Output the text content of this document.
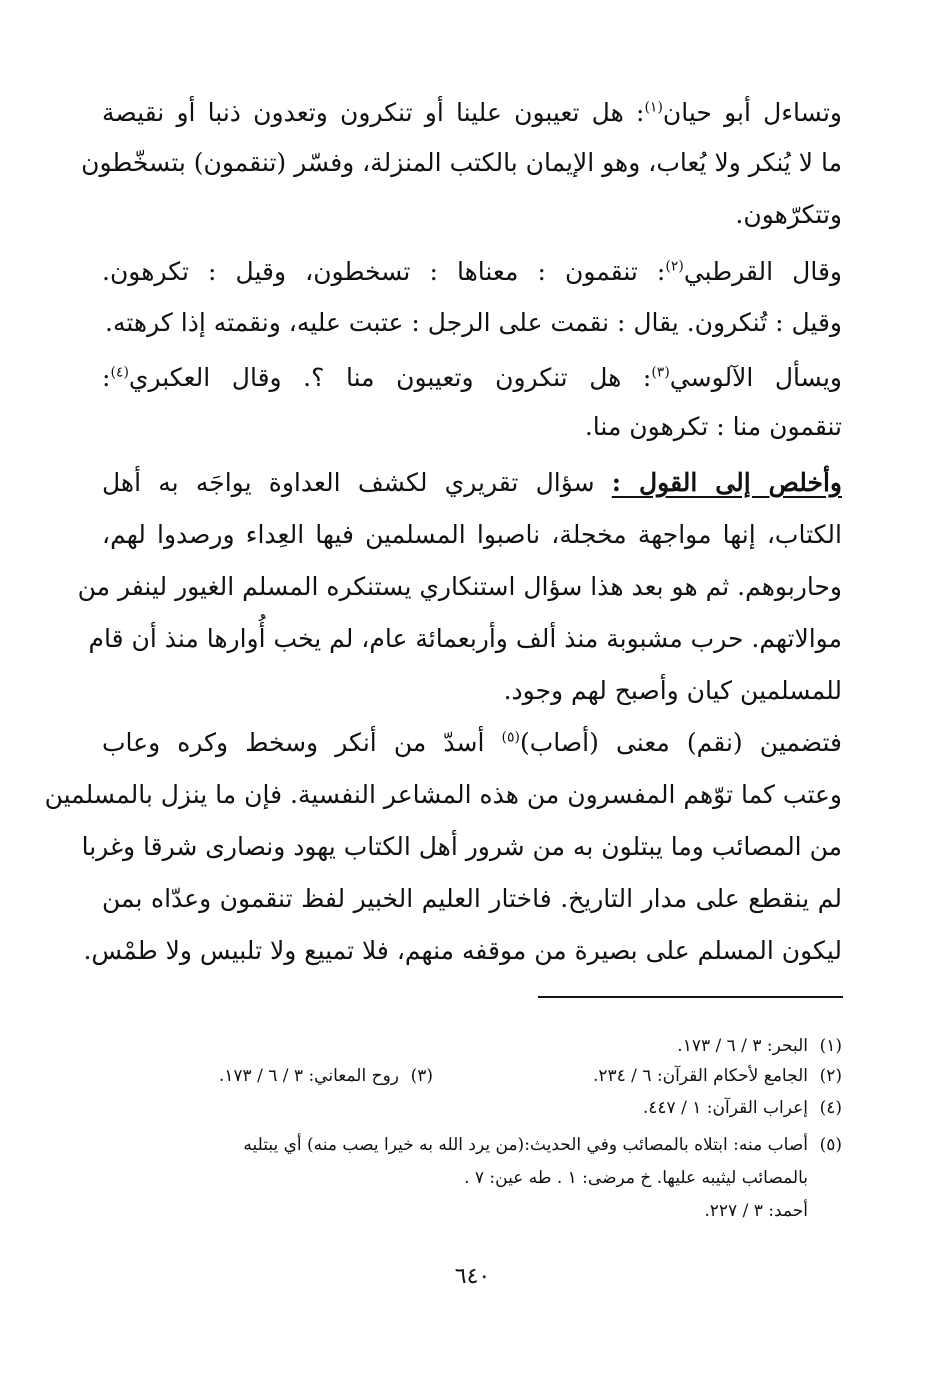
وتساءل أبو حيان$^{(١)}$: هل تعيبون علينا أو تنكرون وتعدون ذنبا أو نقيصة
ما لا يُنكر ولا يُعاب، وهو الإيمان بالكتب المنزلة، وفسّر (تنقمون) بتسخّطون
وتتكرّهون.
وقال القرطبي$^{(٢)}$: تنقمون : معناها : تسخطون، وقيل : تكرهون.
وقيل : تُنكرون. يقال : نقمت على الرجل : عتبت عليه، ونقمته إذا كرهته.
ويسأل الآلوسي$^{(٣)}$: هل تنكرون وتعيبون منا ؟. وقال العكبري$^{(٤)}$:
تنقمون منا : تكرهون منا.
وأخلص إلى القول : سؤال تقريري لكشف العداوة يواجَه به أهل
الكتاب، إنها مواجهة مخجلة، ناصبوا المسلمين فيها العِداء ورصدوا لهم،
وحاربوهم. ثم هو بعد هذا سؤال استنكاري يستنكره المسلم الغيور لينفر من
موالاتهم. حرب مشبوبة منذ ألف وأربعمائة عام، لم يخب أُوارها منذ أن قام
للمسلمين كيان وأصبح لهم وجود.
فتضمين (نقم) معنى (أصاب)$^{(٥)}$ أسدّ من أنكر وسخط وكره وعاب
وعتب كما توّهم المفسرون من هذه المشاعر النفسية. فإن ما ينزل بالمسلمين
من المصائب وما يبتلون به من شرور أهل الكتاب يهود ونصارى شرقا وغربا
لم ينقطع على مدار التاريخ. فاختار العليم الخبير لفظ تنقمون وعدّاه بمن
ليكون المسلم على بصيرة من موقفه منهم، فلا تمييع ولا تلبيس ولا طمْس.
(١)البحر: ٣ / ٦ / ١٧٣.
(٢)الجامع لأحكام القرآن: ٦ / ٢٣٤.
(٣)روح المعاني: ٣ / ٦ / ١٧٣.
(٤)إعراب القرآن: ١ / ٤٤٧.
(٥)أصاب منه: ابتلاه بالمصائب وفي الحديث:(من يرد الله به خيرا يصب منه) أي يبتليه
بالمصائب ليثيبه عليها. خ مرضى: ١ . طه عين: ٧ .
أحمد: ٣ / ٢٢٧.
٦٤٠
